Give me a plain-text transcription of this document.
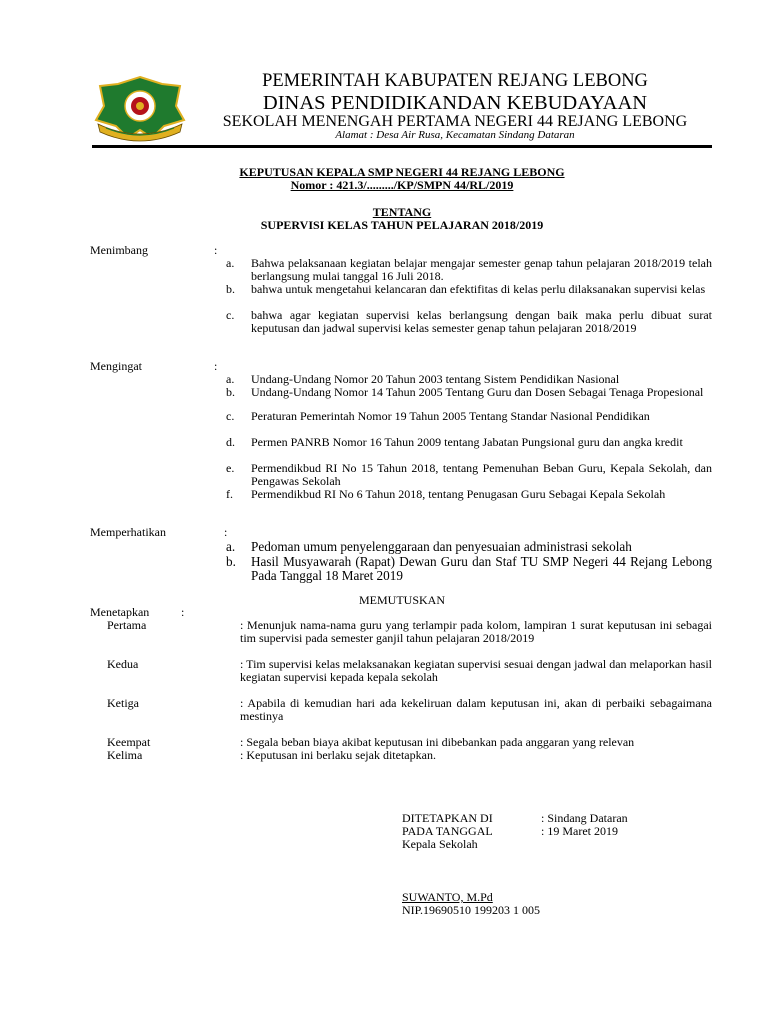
PEMERINTAH KABUPATEN REJANG LEBONG
DINAS PENDIDIKANDAN KEBUDAYAAN
SEKOLAH MENENGAH PERTAMA NEGERI 44 REJANG LEBONG
Alamat : Desa Air Rusa, Kecamatan Sindang Dataran
KEPUTUSAN KEPALA SMP NEGERI 44 REJANG LEBONG
Nomor : 421.3/........./KP/SMPN 44/RL/2019
TENTANG
SUPERVISI KELAS TAHUN PELAJARAN 2018/2019
Menimbang	:
a.	Bahwa pelaksanaan kegiatan belajar mengajar semester genap tahun pelajaran 2018/2019 telah berlangsung mulai tanggal 16 Juli 2018.
b.	bahwa untuk mengetahui kelancaran dan efektifitas di kelas perlu dilaksanakan supervisi kelas
c.	bahwa agar kegiatan supervisi kelas berlangsung dengan baik maka perlu dibuat surat keputusan dan jadwal supervisi kelas semester genap tahun pelajaran 2018/2019
Mengingat	:
a.	Undang-Undang Nomor 20 Tahun 2003 tentang Sistem Pendidikan Nasional
b.	Undang-Undang Nomor 14 Tahun 2005 Tentang Guru dan Dosen Sebagai Tenaga Propesional
c.	Peraturan Pemerintah Nomor 19 Tahun 2005 Tentang Standar Nasional Pendidikan
d.	Permen PANRB Nomor 16 Tahun 2009 tentang Jabatan Pungsional guru dan angka kredit
e.	Permendikbud RI No 15 Tahun 2018, tentang Pemenuhan Beban Guru, Kepala Sekolah, dan Pengawas Sekolah
f.	Permendikbud RI No 6 Tahun 2018, tentang Penugasan Guru Sebagai Kepala Sekolah
Memperhatikan	:
a.	Pedoman umum penyelenggaraan dan penyesuaian administrasi sekolah
b.	Hasil Musyawarah (Rapat) Dewan Guru dan Staf TU SMP Negeri 44 Rejang Lebong Pada Tanggal 18 Maret 2019
MEMUTUSKAN
Menetapkan	:
Pertama	: Menunjuk nama-nama guru yang terlampir pada kolom, lampiran 1 surat keputusan ini sebagai tim supervisi pada semester ganjil tahun pelajaran 2018/2019
Kedua	: Tim supervisi kelas melaksanakan kegiatan supervisi sesuai dengan jadwal dan melaporkan hasil kegiatan supervisi kepada kepala sekolah
Ketiga	: Apabila di kemudian hari ada kekeliruan dalam keputusan ini, akan di perbaiki sebagaimana mestinya
Keempat	: Segala beban biaya akibat keputusan ini dibebankan pada anggaran yang relevan
Kelima	: Keputusan ini berlaku sejak ditetapkan.
DITETAPKAN DI	: Sindang Dataran
PADA TANGGAL	: 19 Maret 2019
Kepala Sekolah
SUWANTO, M.Pd
NIP.19690510 199203 1 005
